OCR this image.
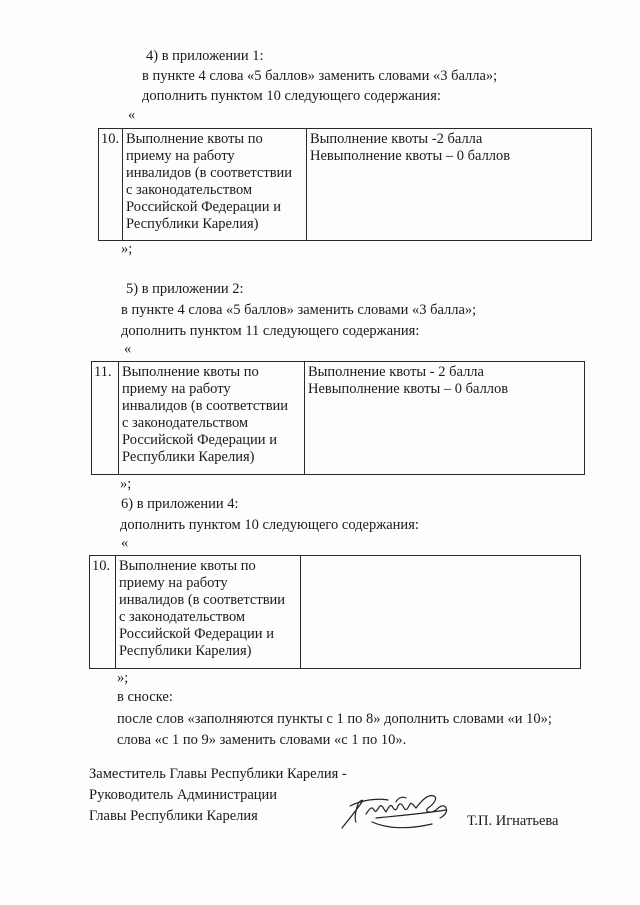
4) в приложении 1:
в пункте 4 слова «5 баллов» заменить словами «3 балла»;
дополнить пунктом 10 следующего содержания:
«
10.	Выполнение квоты по
приему на работу
инвалидов (в соответствии
с законодательством
Российской Федерации и
Республики Карелия)	Выполнение квоты -2 балла
Невыполнение квоты – 0 баллов
»;
5) в приложении 2:
в пункте 4 слова «5 баллов» заменить словами «3 балла»;
дополнить пунктом 11 следующего содержания:
«
11.	Выполнение квоты по
приему на работу
инвалидов (в соответствии
с законодательством
Российской Федерации и
Республики Карелия)	Выполнение квоты - 2 балла
Невыполнение квоты – 0 баллов
»;
6) в приложении 4:
дополнить пунктом 10 следующего содержания:
«
10.	Выполнение квоты по
приему на работу
инвалидов (в соответствии
с законодательством
Российской Федерации и
Республики Карелия)	
»;
в сноске:
после слов «заполняются пункты с 1 по 8» дополнить словами «и 10»;
слова «с 1 по 9» заменить словами «с 1 по 10».
Заместитель Главы Республики Карелия -
Руководитель Администрации
Главы Республики Карелия	Т.П. Игнатьева
